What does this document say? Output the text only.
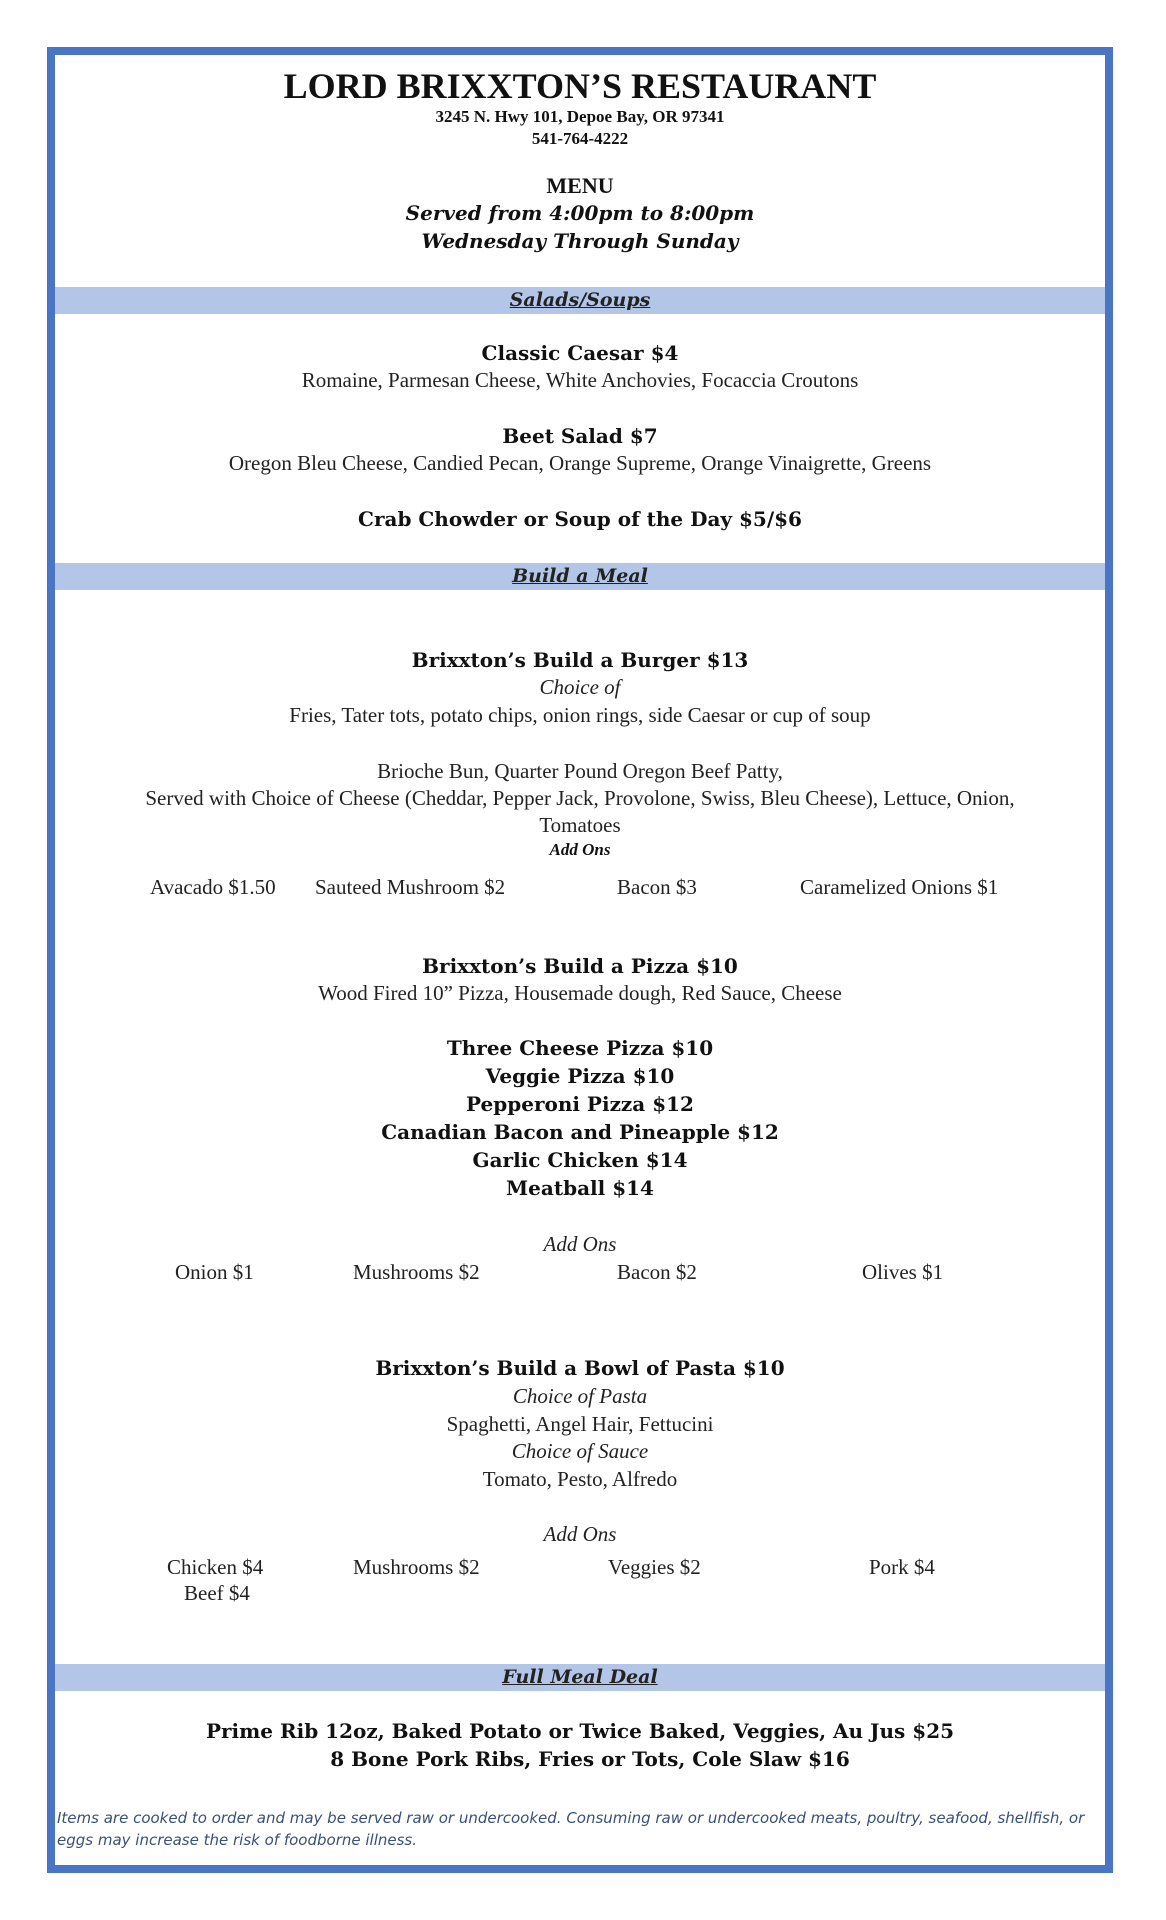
LORD BRIXXTON’S RESTAURANT
3245 N. Hwy 101, Depoe Bay, OR 97341
541-764-4222
MENU
Served from 4:00pm to 8:00pm
Wednesday Through Sunday
Salads/Soups
Classic Caesar $4
Romaine, Parmesan Cheese, White Anchovies, Focaccia Croutons
Beet Salad $7
Oregon Bleu Cheese, Candied Pecan, Orange Supreme, Orange Vinaigrette, Greens
Crab Chowder or Soup of the Day $5/$6
Build a Meal
Brixxton’s Build a Burger $13
Choice of
Fries, Tater tots, potato chips, onion rings, side Caesar or cup of soup
Brioche Bun, Quarter Pound Oregon Beef Patty,
Served with Choice of Cheese (Cheddar, Pepper Jack, Provolone, Swiss, Bleu Cheese), Lettuce, Onion,
Tomatoes
Add Ons
Avacado $1.50 Sauteed Mushroom $2	Bacon $3	Caramelized Onions $1
Brixxton’s Build a Pizza $10
Wood Fired 10” Pizza, Housemade dough, Red Sauce, Cheese
Three Cheese Pizza $10
Veggie Pizza $10
Pepperoni Pizza $12
Canadian Bacon and Pineapple $12
Garlic Chicken $14
Meatball $14
Add Ons
Onion $1	Mushrooms $2	Bacon $2	Olives $1
Brixxton’s Build a Bowl of Pasta $10
Choice of Pasta
Spaghetti, Angel Hair, Fettucini
Choice of Sauce
Tomato, Pesto, Alfredo
Add Ons
Chicken $4
Beef $4
Mushrooms $2	Veggies $2	Pork $4
Full Meal Deal
Prime Rib 12oz, Baked Potato or Twice Baked, Veggies, Au Jus $25
8 Bone Pork Ribs, Fries or Tots, Cole Slaw $16
Items are cooked to order and may be served raw or undercooked. Consuming raw or undercooked meats, poultry, seafood, shellfish, or eggs may increase the risk of foodborne illness.
